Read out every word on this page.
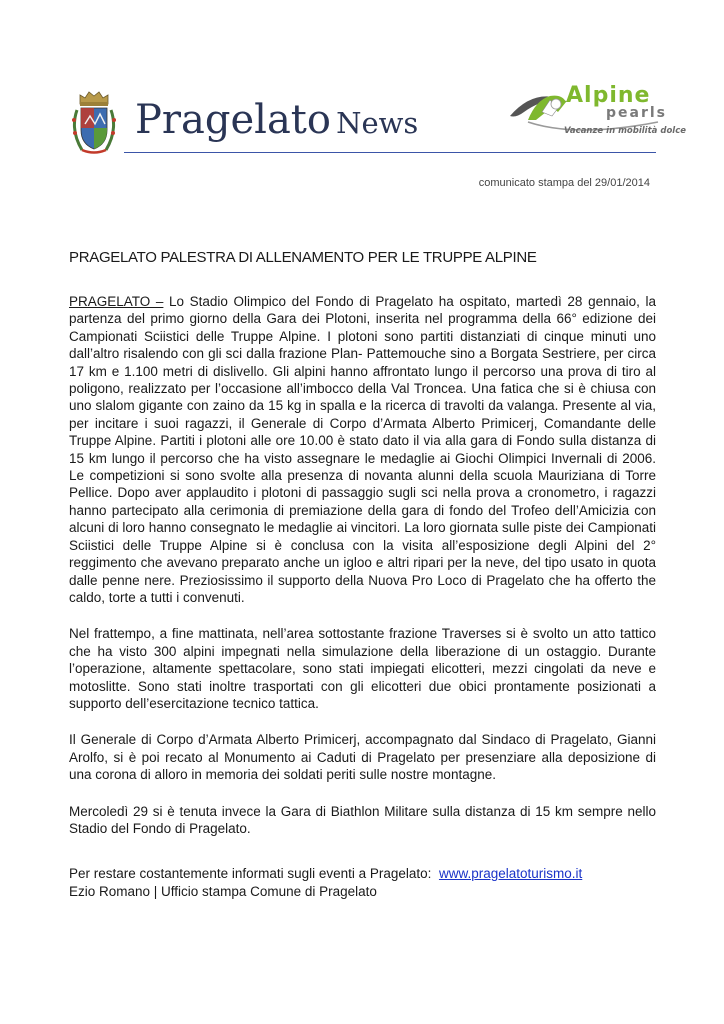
Pragelato News
Alpine
pearls
Vacanze in mobilità dolce
comunicato stampa del 29/01/2014
PRAGELATO PALESTRA DI ALLENAMENTO PER LE TRUPPE ALPINE

PRAGELATO – Lo Stadio Olimpico del Fondo di Pragelato ha ospitato, martedì 28 gennaio, la partenza del primo giorno della Gara dei Plotoni, inserita nel programma della 66° edizione dei Campionati Sciistici delle Truppe Alpine. I plotoni sono partiti distanziati di cinque minuti uno dall’altro risalendo con gli sci dalla frazione Plan- Pattemouche sino a Borgata Sestriere, per circa 17 km e 1.100 metri di dislivello. Gli alpini hanno affrontato lungo il percorso una prova di tiro al poligono, realizzato per l’occasione all’imbocco della Val Troncea. Una fatica che si è chiusa con uno slalom gigante con zaino da 15 kg in spalla e la ricerca di travolti da valanga. Presente al via, per incitare i suoi ragazzi, il Generale di Corpo d’Armata Alberto Primicerj, Comandante delle Truppe Alpine. Partiti i plotoni alle ore 10.00 è stato dato il via alla gara di Fondo sulla distanza di 15 km lungo il percorso che ha visto assegnare le medaglie ai Giochi Olimpici Invernali di 2006. Le competizioni si sono svolte alla presenza di novanta alunni della scuola Mauriziana di Torre Pellice. Dopo aver applaudito i plotoni di passaggio sugli sci nella prova a cronometro, i ragazzi hanno partecipato alla cerimonia di premiazione della gara di fondo del Trofeo dell’Amicizia con alcuni di loro hanno consegnato le medaglie ai vincitori. La loro giornata sulle piste dei Campionati Sciistici delle Truppe Alpine si è conclusa con la visita all’esposizione degli Alpini del 2° reggimento che avevano preparato anche un igloo e altri ripari per la neve, del tipo usato in quota dalle penne nere. Preziosissimo il supporto della Nuova Pro Loco di Pragelato che ha offerto the caldo, torte a tutti i convenuti.

Nel frattempo, a fine mattinata, nell’area sottostante frazione Traverses si è svolto un atto tattico che ha visto 300 alpini impegnati nella simulazione della liberazione di un ostaggio. Durante l’operazione, altamente spettacolare, sono stati impiegati elicotteri, mezzi cingolati da neve e motoslitte. Sono stati inoltre trasportati con gli elicotteri due obici prontamente posizionati a supporto dell’esercitazione tecnico tattica.

Il Generale di Corpo d’Armata Alberto Primicerj, accompagnato dal Sindaco di Pragelato, Gianni Arolfo, si è poi recato al Monumento ai Caduti di Pragelato per presenziare alla deposizione di una corona di alloro in memoria dei soldati periti sulle nostre montagne.

Mercoledì 29 si è tenuta invece la Gara di Biathlon Militare sulla distanza di 15 km sempre nello Stadio del Fondo di Pragelato.

Per restare costantemente informati sugli eventi a Pragelato:  www.pragelatoturismo.it
Ezio Romano | Ufficio stampa Comune di Pragelato
